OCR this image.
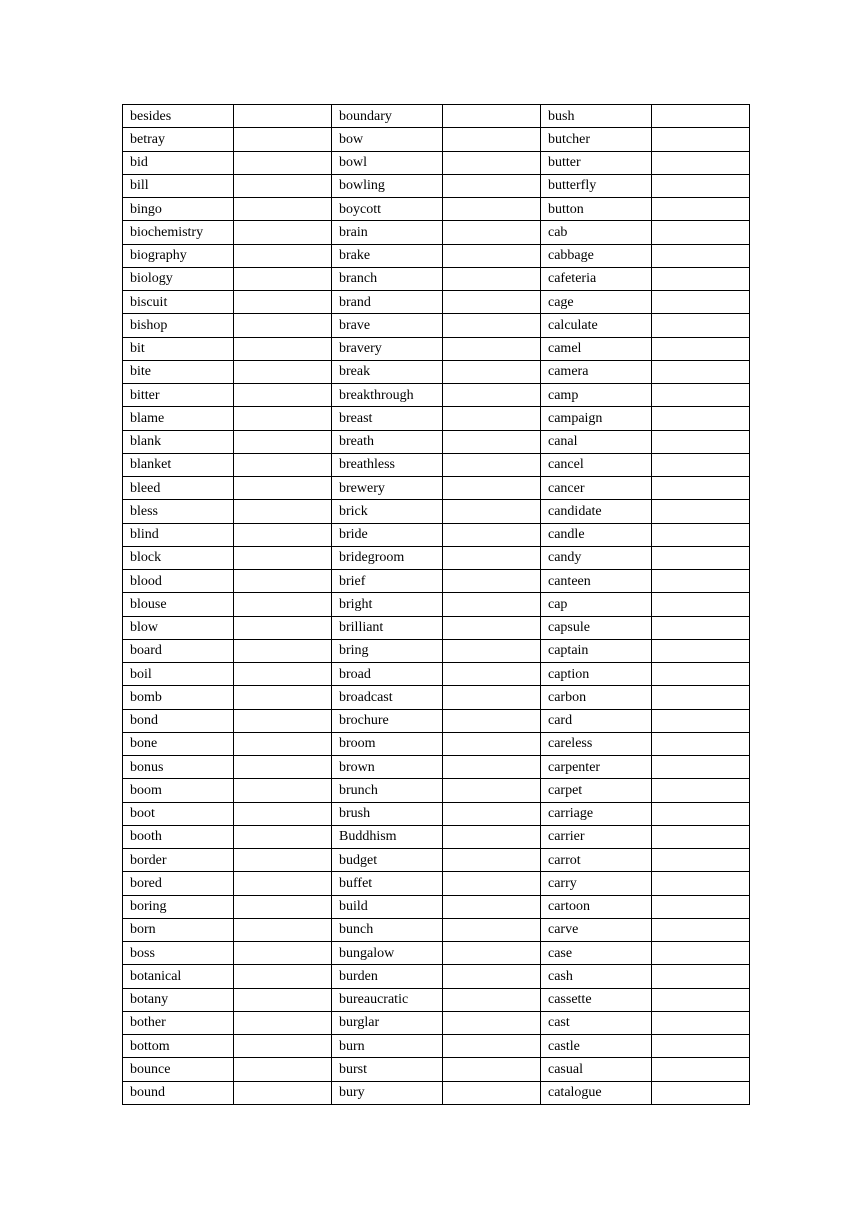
besides		boundary		bush	
betray		bow		butcher	
bid		bowl		butter	
bill		bowling		butterfly	
bingo		boycott		button	
biochemistry		brain		cab	
biography		brake		cabbage	
biology		branch		cafeteria	
biscuit		brand		cage	
bishop		brave		calculate	
bit		bravery		camel	
bite		break		camera	
bitter		breakthrough		camp	
blame		breast		campaign	
blank		breath		canal	
blanket		breathless		cancel	
bleed		brewery		cancer	
bless		brick		candidate	
blind		bride		candle	
block		bridegroom		candy	
blood		brief		canteen	
blouse		bright		cap	
blow		brilliant		capsule	
board		bring		captain	
boil		broad		caption	
bomb		broadcast		carbon	
bond		brochure		card	
bone		broom		careless	
bonus		brown		carpenter	
boom		brunch		carpet	
boot		brush		carriage	
booth		Buddhism		carrier	
border		budget		carrot	
bored		buffet		carry	
boring		build		cartoon	
born		bunch		carve	
boss		bungalow		case	
botanical		burden		cash	
botany		bureaucratic		cassette	
bother		burglar		cast	
bottom		burn		castle	
bounce		burst		casual	
bound		bury		catalogue	
